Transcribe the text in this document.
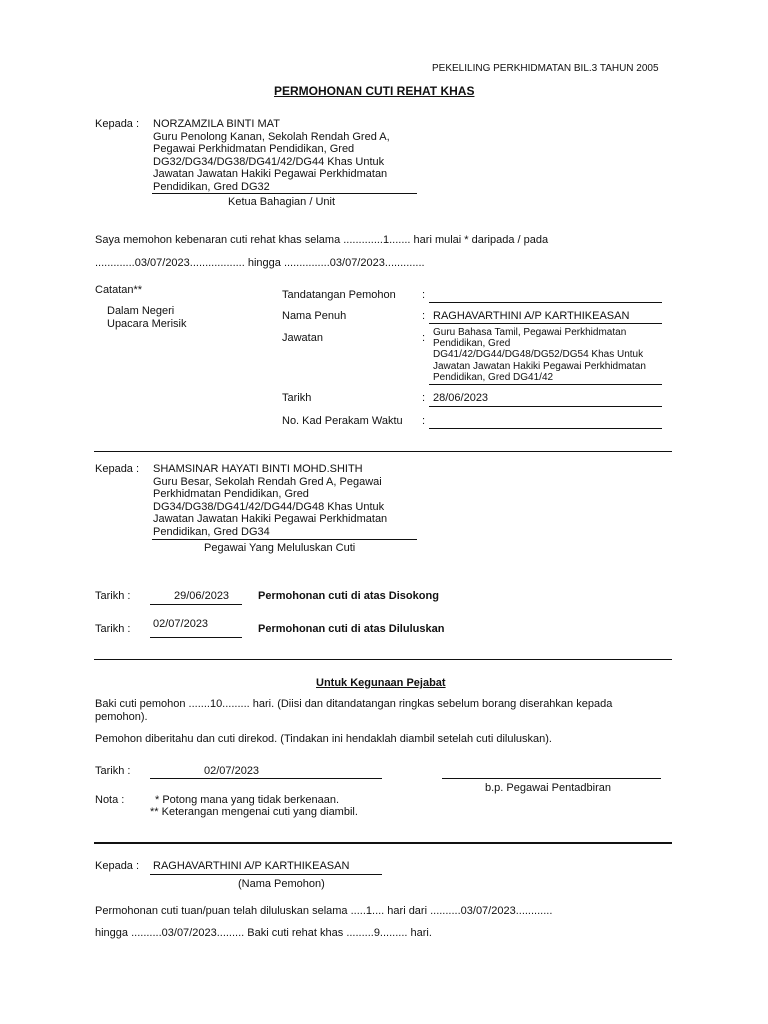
PEKELILING PERKHIDMATAN BIL.3 TAHUN 2005
PERMOHONAN CUTI REHAT KHAS
Kepada : NORZAMZILA BINTI MAT
Guru Penolong Kanan, Sekolah Rendah Gred A,
Pegawai Perkhidmatan Pendidikan, Gred
DG32/DG34/DG38/DG41/42/DG44 Khas Untuk
Jawatan Jawatan Hakiki Pegawai Perkhidmatan
Pendidikan, Gred DG32
Ketua Bahagian / Unit
Saya memohon kebenaran cuti rehat khas selama .............1....... hari mulai * daripada / pada
.............03/07/2023.................. hingga ...............03/07/2023.............
Catatan**
Dalam Negeri
Upacara Merisik
Tandatangan Pemohon :
Nama Penuh	: RAGHAVARTHINI A/P KARTHIKEASAN
Jawatan	: Guru Bahasa Tamil, Pegawai Perkhidmatan
Pendidikan, Gred
DG41/42/DG44/DG48/DG52/DG54 Khas Untuk
Jawatan Jawatan Hakiki Pegawai Perkhidmatan
Pendidikan, Gred DG41/42
Tarikh	: 28/06/2023
No. Kad Perakam Waktu :
Kepada : SHAMSINAR HAYATI BINTI MOHD.SHITH
Guru Besar, Sekolah Rendah Gred A, Pegawai
Perkhidmatan Pendidikan, Gred
DG34/DG38/DG41/42/DG44/DG48 Khas Untuk
Jawatan Jawatan Hakiki Pegawai Perkhidmatan
Pendidikan, Gred DG34
Pegawai Yang Meluluskan Cuti
Tarikh :	29/06/2023	Permohonan cuti di atas Disokong
Tarikh : 02/07/2023	Permohonan cuti di atas Diluluskan
Untuk Kegunaan Pejabat
Baki cuti pemohon .......10......... hari. (Diisi dan ditandatangan ringkas sebelum borang diserahkan kepada
pemohon).
Pemohon diberitahu dan cuti direkod. (Tindakan ini hendaklah diambil setelah cuti diluluskan).
Tarikh :	02/07/2023
b.p. Pegawai Pentadbiran
Nota :	* Potong mana yang tidak berkenaan.
** Keterangan mengenai cuti yang diambil.
Kepada : RAGHAVARTHINI A/P KARTHIKEASAN
(Nama Pemohon)
Permohonan cuti tuan/puan telah diluluskan selama .....1.... hari dari ..........03/07/2023............
hingga ..........03/07/2023......... Baki cuti rehat khas .........9......... hari.
